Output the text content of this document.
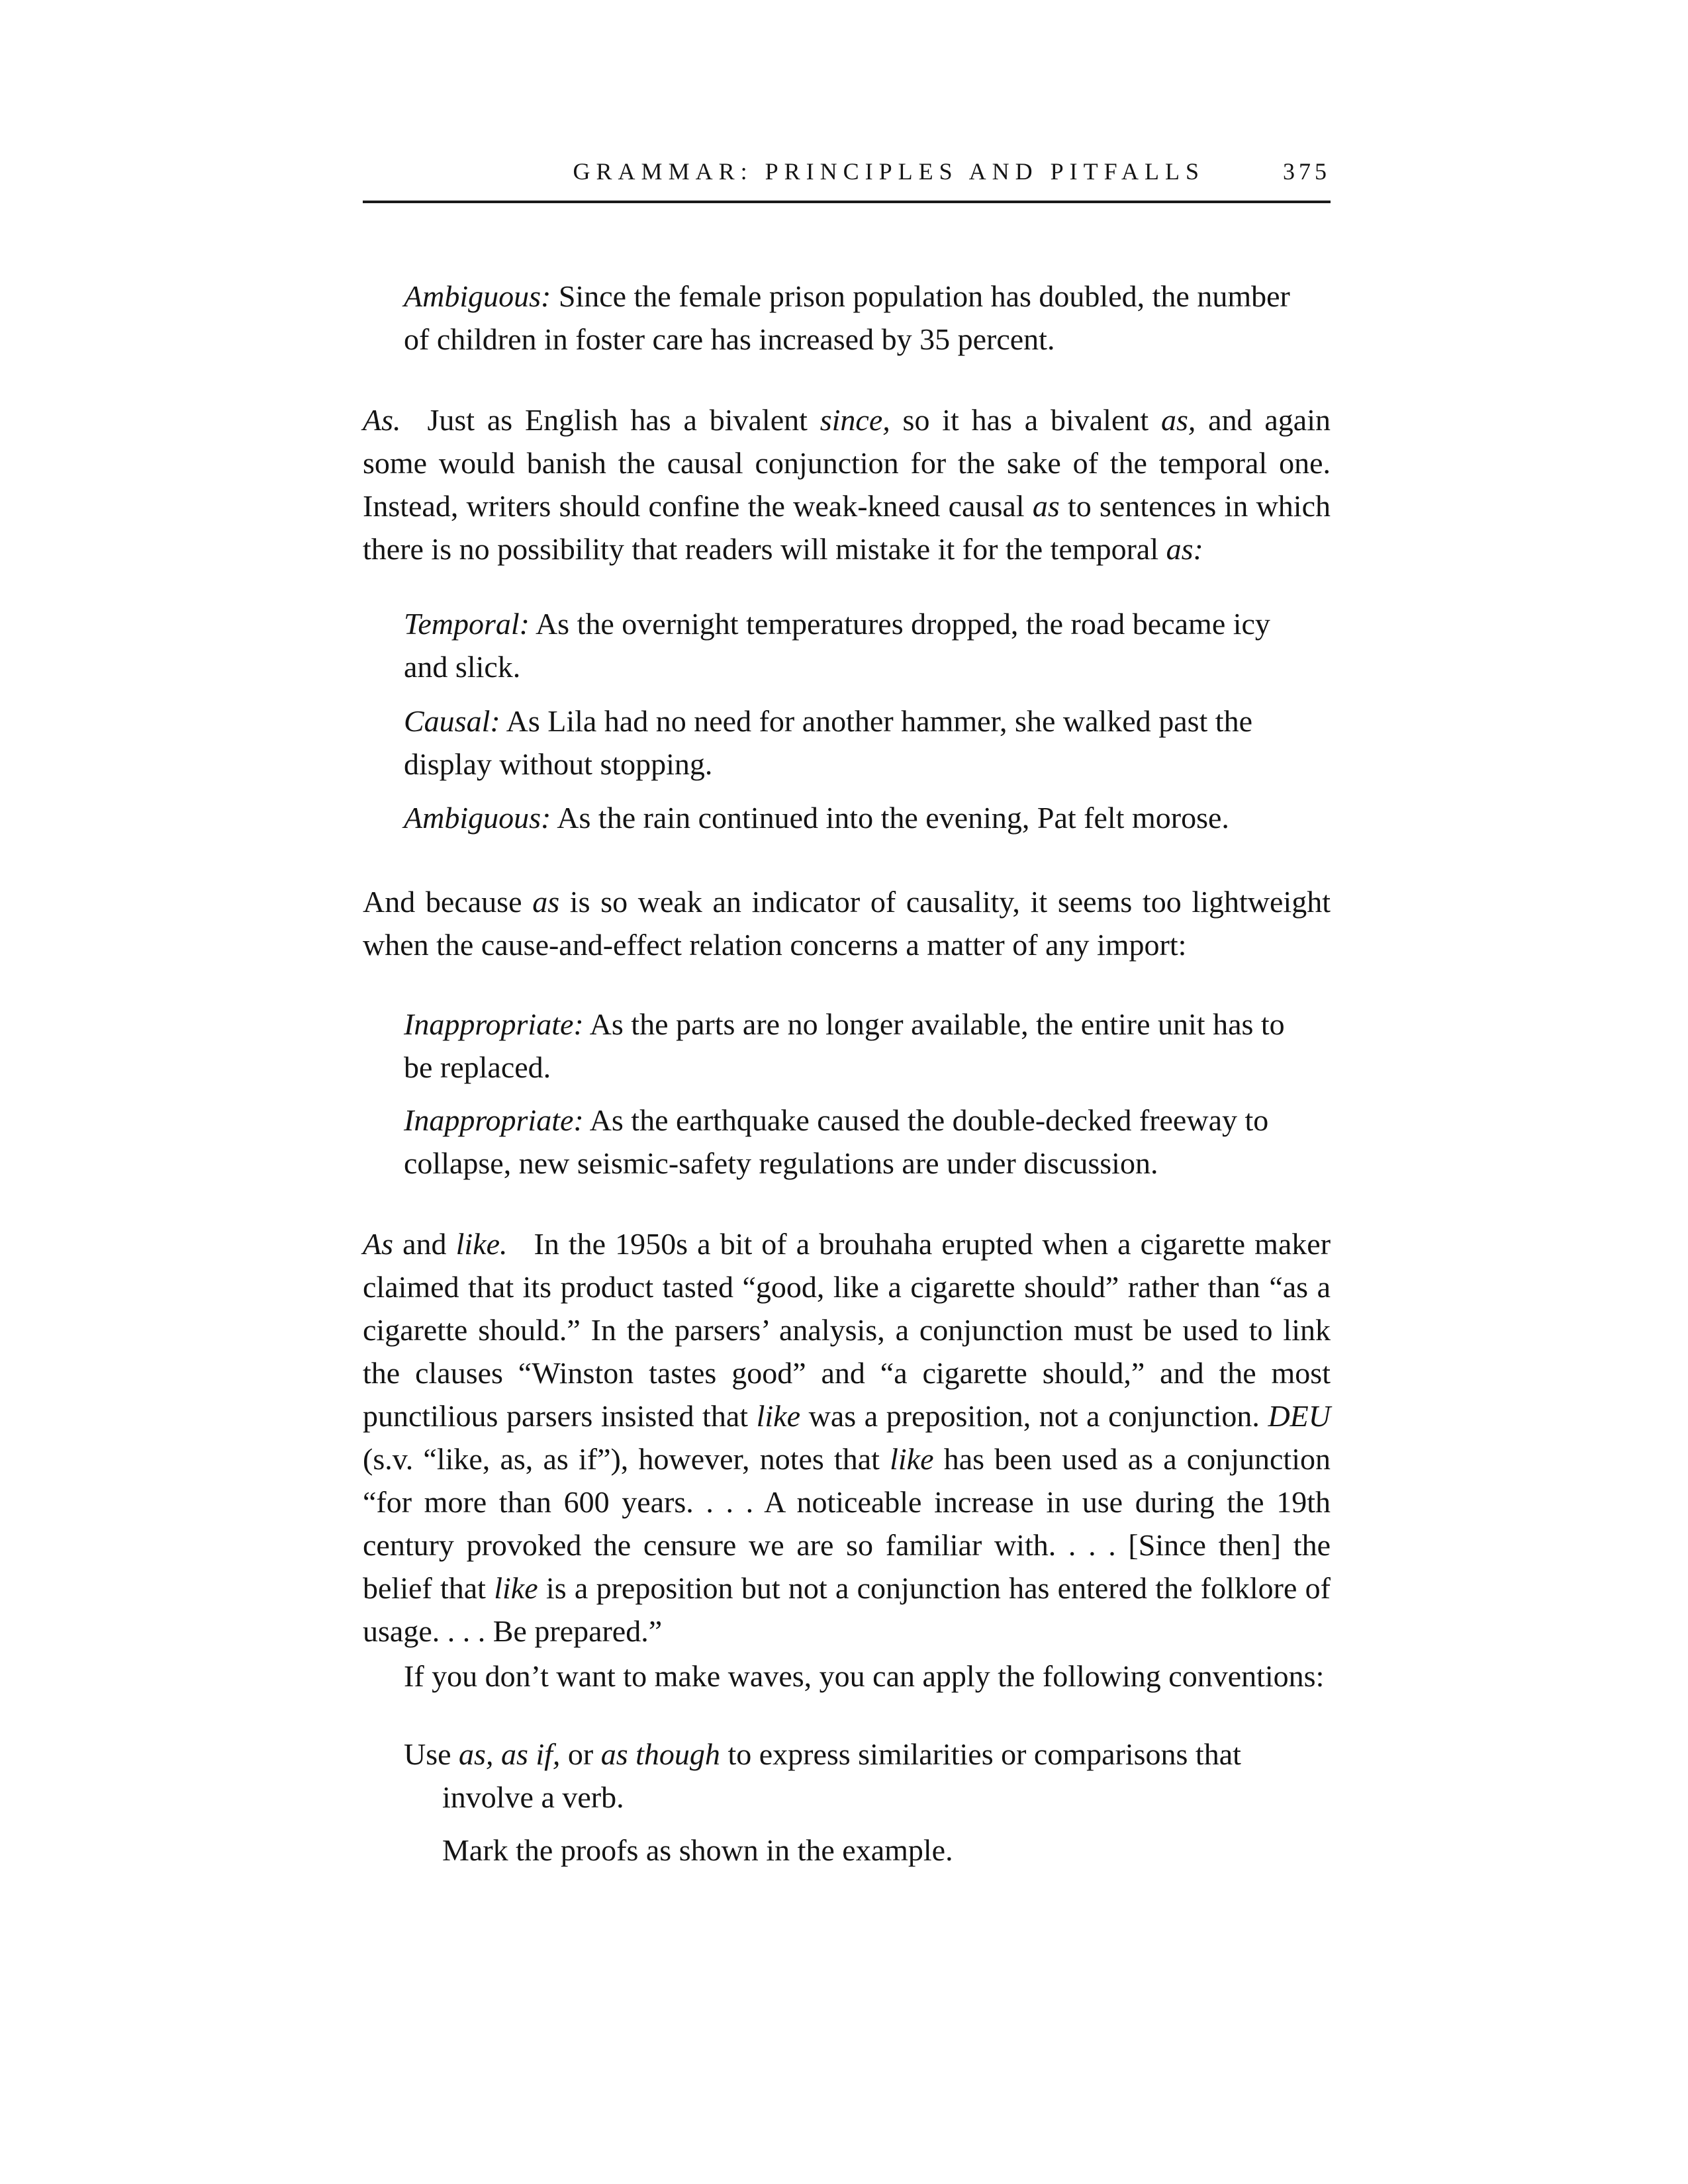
GRAMMAR: PRINCIPLES AND PITFALLS	375
Ambiguous: Since the female prison population has doubled, the number of children in foster care has increased by 35 percent.
As. Just as English has a bivalent since, so it has a bivalent as, and again some would banish the causal conjunction for the sake of the temporal one. Instead, writers should confine the weak-kneed causal as to sentences in which there is no possibility that readers will mistake it for the temporal as:
Temporal: As the overnight temperatures dropped, the road became icy and slick.
Causal: As Lila had no need for another hammer, she walked past the display without stopping.
Ambiguous: As the rain continued into the evening, Pat felt morose.
And because as is so weak an indicator of causality, it seems too lightweight when the cause-and-effect relation concerns a matter of any import:
Inappropriate: As the parts are no longer available, the entire unit has to be replaced.
Inappropriate: As the earthquake caused the double-decked freeway to collapse, new seismic-safety regulations are under discussion.
As and like. In the 1950s a bit of a brouhaha erupted when a cigarette maker claimed that its product tasted “good, like a cigarette should” rather than “as a cigarette should.” In the parsers’ analysis, a conjunction must be used to link the clauses “Winston tastes good” and “a cigarette should,” and the most punctilious parsers insisted that like was a preposition, not a conjunction. DEU (s.v. “like, as, as if”), however, notes that like has been used as a conjunction “for more than 600 years. . . . A noticeable increase in use during the 19th century provoked the censure we are so familiar with. . . . [Since then] the belief that like is a preposition but not a conjunction has entered the folklore of usage. . . . Be prepared.”
If you don’t want to make waves, you can apply the following conventions:
Use as, as if, or as though to express similarities or comparisons that involve a verb.
Mark the proofs as shown in the example.
